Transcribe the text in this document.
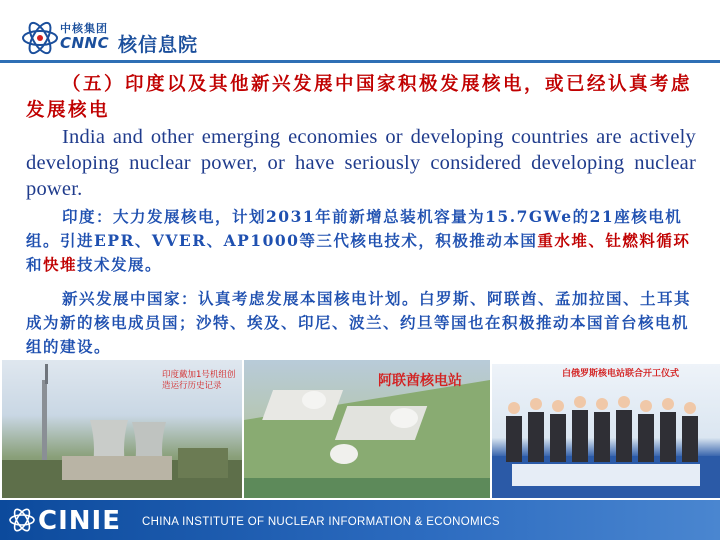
中核集团
CNNC 核信息院

（五）印度以及其他新兴发展中国家积极发展核电，或已经认真考虑发展核电

India and other emerging economies or developing countries are actively developing nuclear power, or have seriously considered developing nuclear power.

印度：大力发展核电，计划2031年前新增总装机容量为15.7GWe的21座核电机组。引进EPR、VVER、AP1000等三代核电技术，积极推动本国重水堆、钍燃料循环和快堆技术发展。

新兴发展中国家：认真考虑发展本国核电计划。白罗斯、阿联酋、孟加拉国、土耳其成为新的核电成员国；沙特、埃及、印尼、波兰、约旦等国也在积极推动本国首台核电机组的建设。

印度戴加1号机组创造运行历史记录	阿联酋核电站	白俄罗斯核电站联合开工仪式
CINIE CHINA INSTITUTE OF NUCLEAR INFORMATION & ECONOMICS
